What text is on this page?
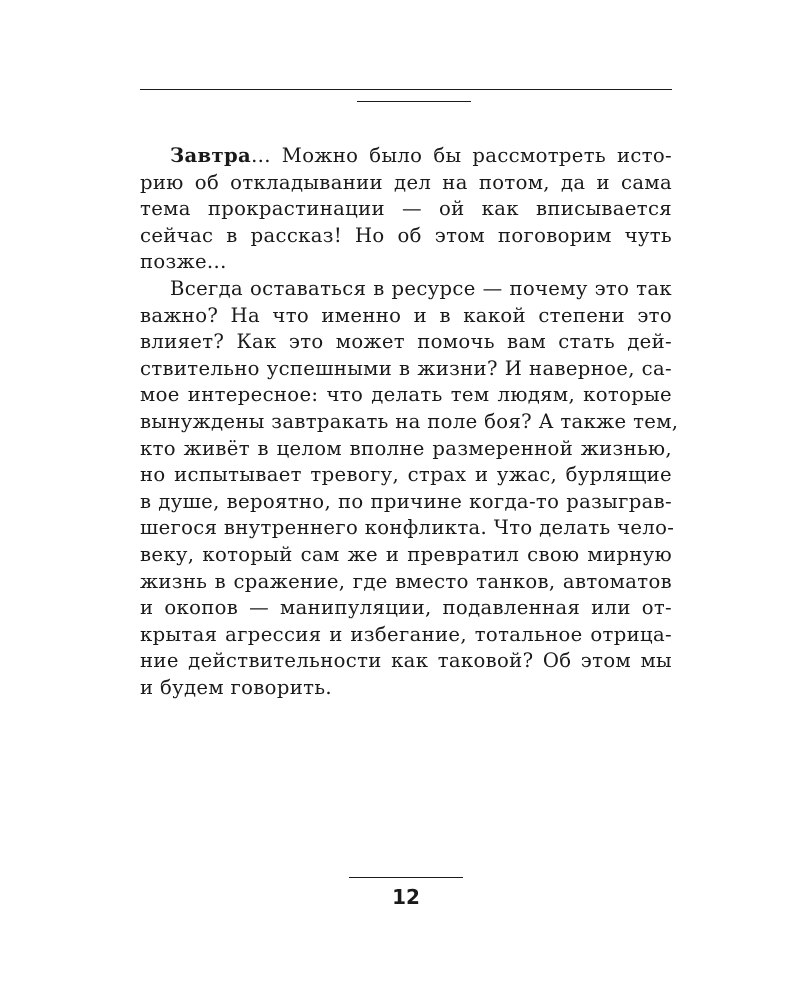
Завтра... Можно было бы рассмотреть исто-
рию об откладывании дел на потом, да и сама
тема прокрастинации — ой как вписывается
сейчас в рассказ! Но об этом поговорим чуть
позже...
Всегда оставаться в ресурсе — почему это так
важно? На что именно и в какой степени это
влияет? Как это может помочь вам стать дей-
ствительно успешными в жизни? И наверное, са-
мое интересное: что делать тем людям, которые
вынуждены завтракать на поле боя? А также тем,
кто живёт в целом вполне размеренной жизнью,
но испытывает тревогу, страх и ужас, бурлящие
в душе, вероятно, по причине когда-то разыграв-
шегося внутреннего конфликта. Что делать чело-
веку, который сам же и превратил свою мирную
жизнь в сражение, где вместо танков, автоматов
и окопов — манипуляции, подавленная или от-
крытая агрессия и избегание, тотальное отрица-
ние действительности как таковой? Об этом мы
и будем говорить.
12
